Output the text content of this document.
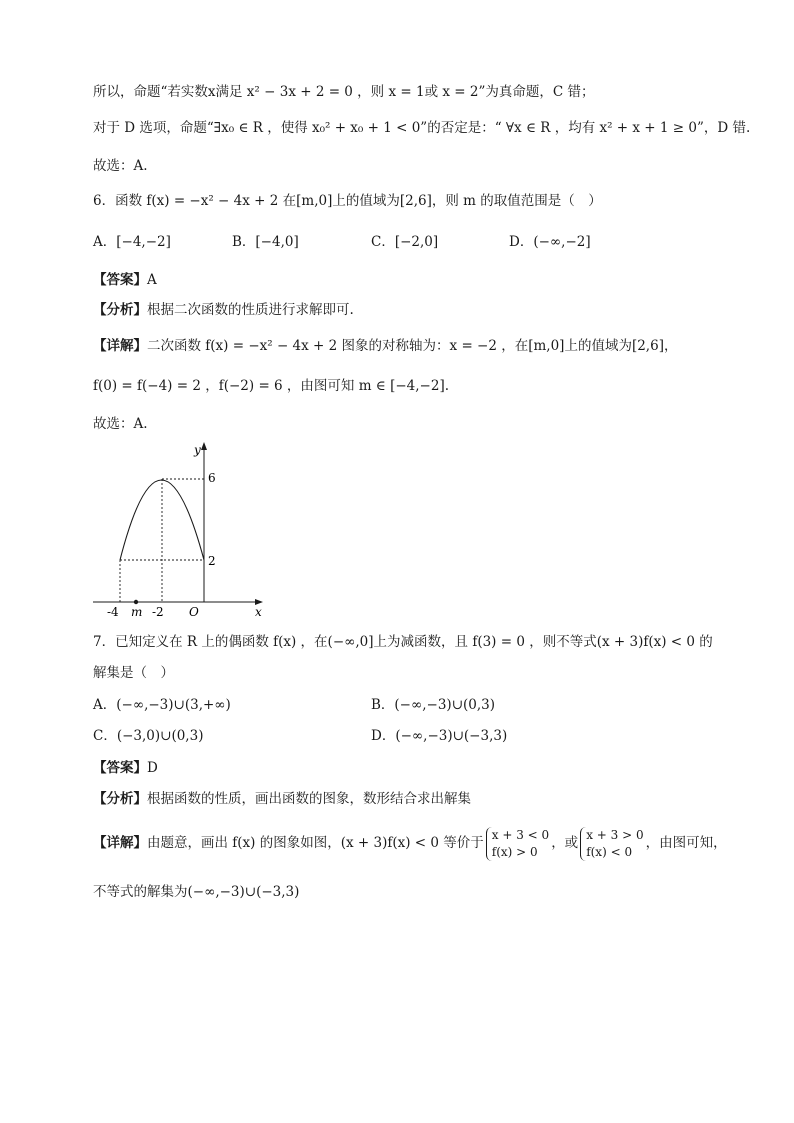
所以，命题“若实数x满足 x² − 3x + 2 = 0 ，则 x = 1或 x = 2”为真命题，C 错；
对于 D 选项，命题“∃x₀ ∈ R ，使得 x₀² + x₀ + 1 < 0”的否定是：“ ∀x ∈ R ，均有 x² + x + 1 ≥ 0”，D 错.
故选：A.
6．函数 f(x) = −x² − 4x + 2 在[m,0]上的值域为[2,6]，则 m 的取值范围是（　）
A．[−4,−2]	B．[−4,0]	C．[−2,0]	D．(−∞,−2]
【答案】A
【分析】根据二次函数的性质进行求解即可.
【详解】二次函数 f(x) = −x² − 4x + 2 图象的对称轴为：x = −2 ，在[m,0]上的值域为[2,6]，
f(0) = f(−4) = 2 ，f(−2) = 6 ，由图可知 m ∈ [−4,−2].
故选：A.
y
6
2
-4 m -2 O	x
7．已知定义在 R 上的偶函数 f(x) ，在(−∞,0]上为减函数，且 f(3) = 0 ，则不等式(x + 3)f(x) < 0 的
解集是（　）
A．(−∞,−3)∪(3,+∞)	B．(−∞,−3)∪(0,3)
C．(−3,0)∪(0,3)	D．(−∞,−3)∪(−3,3)
【答案】D
【分析】根据函数的性质，画出函数的图象，数形结合求出解集
【详解】由题意，画出 f(x) 的图象如图，(x + 3)f(x) < 0 等价于
x + 3 < 0
f(x) > 0
，或
x + 3 > 0
f(x) < 0
，由图可知，
不等式的解集为(−∞,−3)∪(−3,3)
